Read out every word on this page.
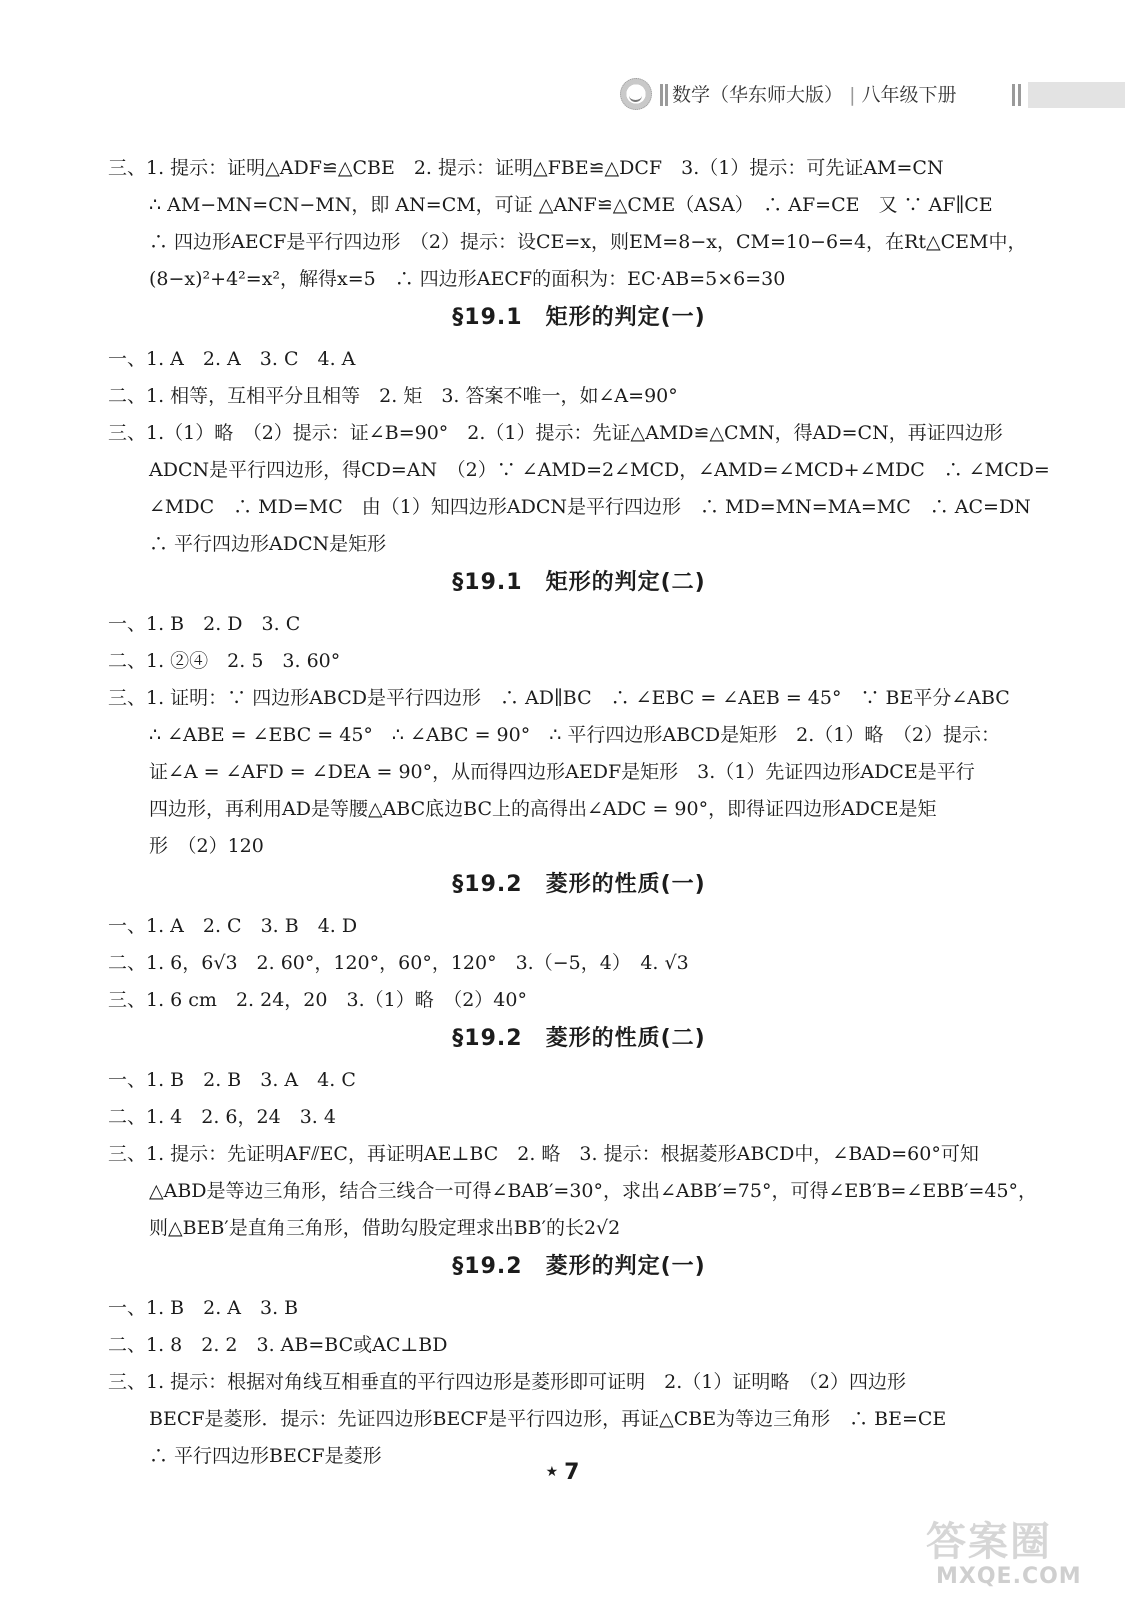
数学（华东师大版） | 八年级下册
三、1. 提示：证明△ADF≌△CBE　2. 提示：证明△FBE≌△DCF　3.（1）提示：可先证AM=CN
∴ AM−MN=CN−MN，即 AN=CM，可证 △ANF≌△CME（ASA）　∴ AF=CE　又 ∵ AF∥CE
∴ 四边形AECF是平行四边形　（2）提示：设CE=x，则EM=8−x，CM=10−6=4，在Rt△CEM中，
(8−x)²+4²=x²，解得x=5　∴ 四边形AECF的面积为：EC·AB=5×6=30
§19.1　矩形的判定(一)
一、1. A　2. A　3. C　4. A
二、1. 相等，互相平分且相等　2. 矩　3. 答案不唯一，如∠A=90°
三、1.（1）略　（2）提示：证∠B=90°　2.（1）提示：先证△AMD≌△CMN，得AD=CN，再证四边形
ADCN是平行四边形，得CD=AN　（2）∵ ∠AMD=2∠MCD，∠AMD=∠MCD+∠MDC　∴ ∠MCD=
∠MDC　∴ MD=MC　由（1）知四边形ADCN是平行四边形　∴ MD=MN=MA=MC　∴ AC=DN
∴ 平行四边形ADCN是矩形
§19.1　矩形的判定(二)
一、1. B　2. D　3. C
二、1. ②④　2. 5　3. 60°
三、1. 证明：∵ 四边形ABCD是平行四边形　∴ AD∥BC　∴ ∠EBC = ∠AEB = 45°　∵ BE平分∠ABC
∴ ∠ABE = ∠EBC = 45°　∴ ∠ABC = 90°　∴ 平行四边形ABCD是矩形　2.（1）略　（2）提示：
证∠A = ∠AFD = ∠DEA = 90°，从而得四边形AEDF是矩形　3.（1）先证四边形ADCE是平行
四边形，再利用AD是等腰△ABC底边BC上的高得出∠ADC = 90°，即得证四边形ADCE是矩
形　（2）120
§19.2　菱形的性质(一)
一、1. A　2. C　3. B　4. D
二、1. 6，6√3　2. 60°，120°，60°，120°　3.（−5，4）　4. √3
三、1. 6 cm　2. 24，20　3.（1）略　（2）40°
§19.2　菱形的性质(二)
一、1. B　2. B　3. A　4. C
二、1. 4　2. 6，24　3. 4
三、1. 提示：先证明AF⫽EC，再证明AE⊥BC　2. 略　3. 提示：根据菱形ABCD中，∠BAD=60°可知
△ABD是等边三角形，结合三线合一可得∠BAB′=30°，求出∠ABB′=75°，可得∠EB′B=∠EBB′=45°，
则△BEB′是直角三角形，借助勾股定理求出BB′的长2√2
§19.2　菱形的判定(一)
一、1. B　2. A　3. B
二、1. 8　2. 2　3. AB=BC或AC⊥BD
三、1. 提示：根据对角线互相垂直的平行四边形是菱形即可证明　2.（1）证明略　（2）四边形
BECF是菱形．提示：先证四边形BECF是平行四边形，再证△CBE为等边三角形　∴ BE=CE
∴ 平行四边形BECF是菱形
★ 7
答案圈
MXQE.COM
